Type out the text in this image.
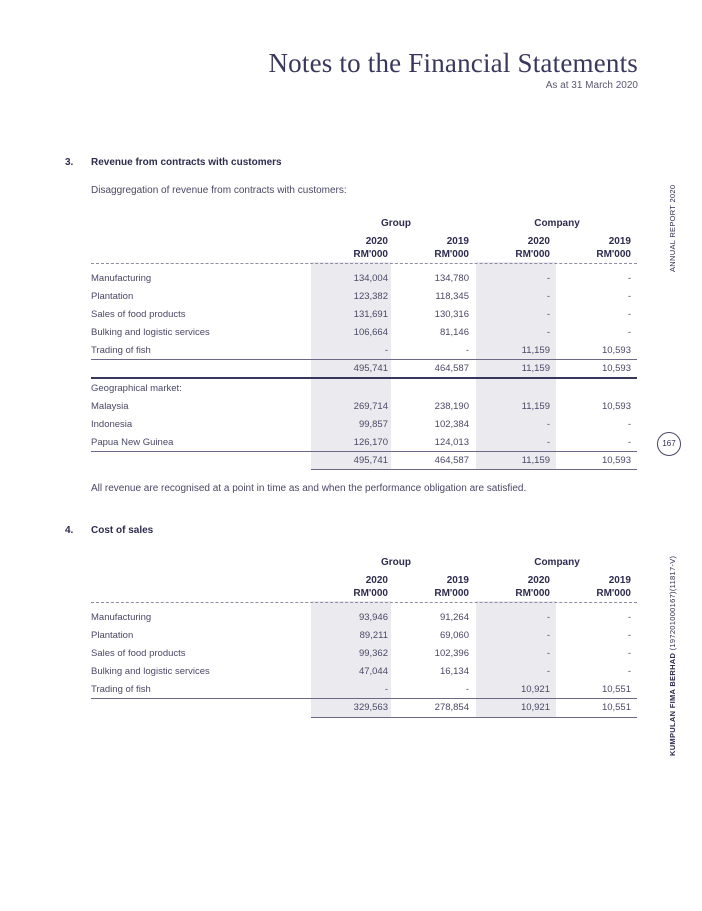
Notes to the Financial Statements
As at 31 March 2020
ANNUAL REPORT 2020
167
KUMPULAN FIMA BERHAD (197201000167)(11817-V)
3. Revenue from contracts with customers
Disaggregation of revenue from contracts with customers:
Group	Company
2020	2019	2020	2019
RM'000	RM'000	RM'000	RM'000
Manufacturing	134,004	134,780	-	-
Plantation	123,382	118,345	-	-
Sales of food products	131,691	130,316	-	-
Bulking and logistic services	106,664	81,146	-	-
Trading of fish	-	-	11,159	10,593
495,741	464,587	11,159	10,593
Geographical market:
Malaysia	269,714	238,190	11,159	10,593
Indonesia	99,857	102,384	-	-
Papua New Guinea	126,170	124,013	-	-
495,741	464,587	11,159	10,593
All revenue are recognised at a point in time as and when the performance obligation are satisfied.
4. Cost of sales
Group	Company
2020	2019	2020	2019
RM'000	RM'000	RM'000	RM'000
Manufacturing	93,946	91,264	-	-
Plantation	89,211	69,060	-	-
Sales of food products	99,362	102,396	-	-
Bulking and logistic services	47,044	16,134	-	-
Trading of fish	-	-	10,921	10,551
329,563	278,854	10,921	10,551
